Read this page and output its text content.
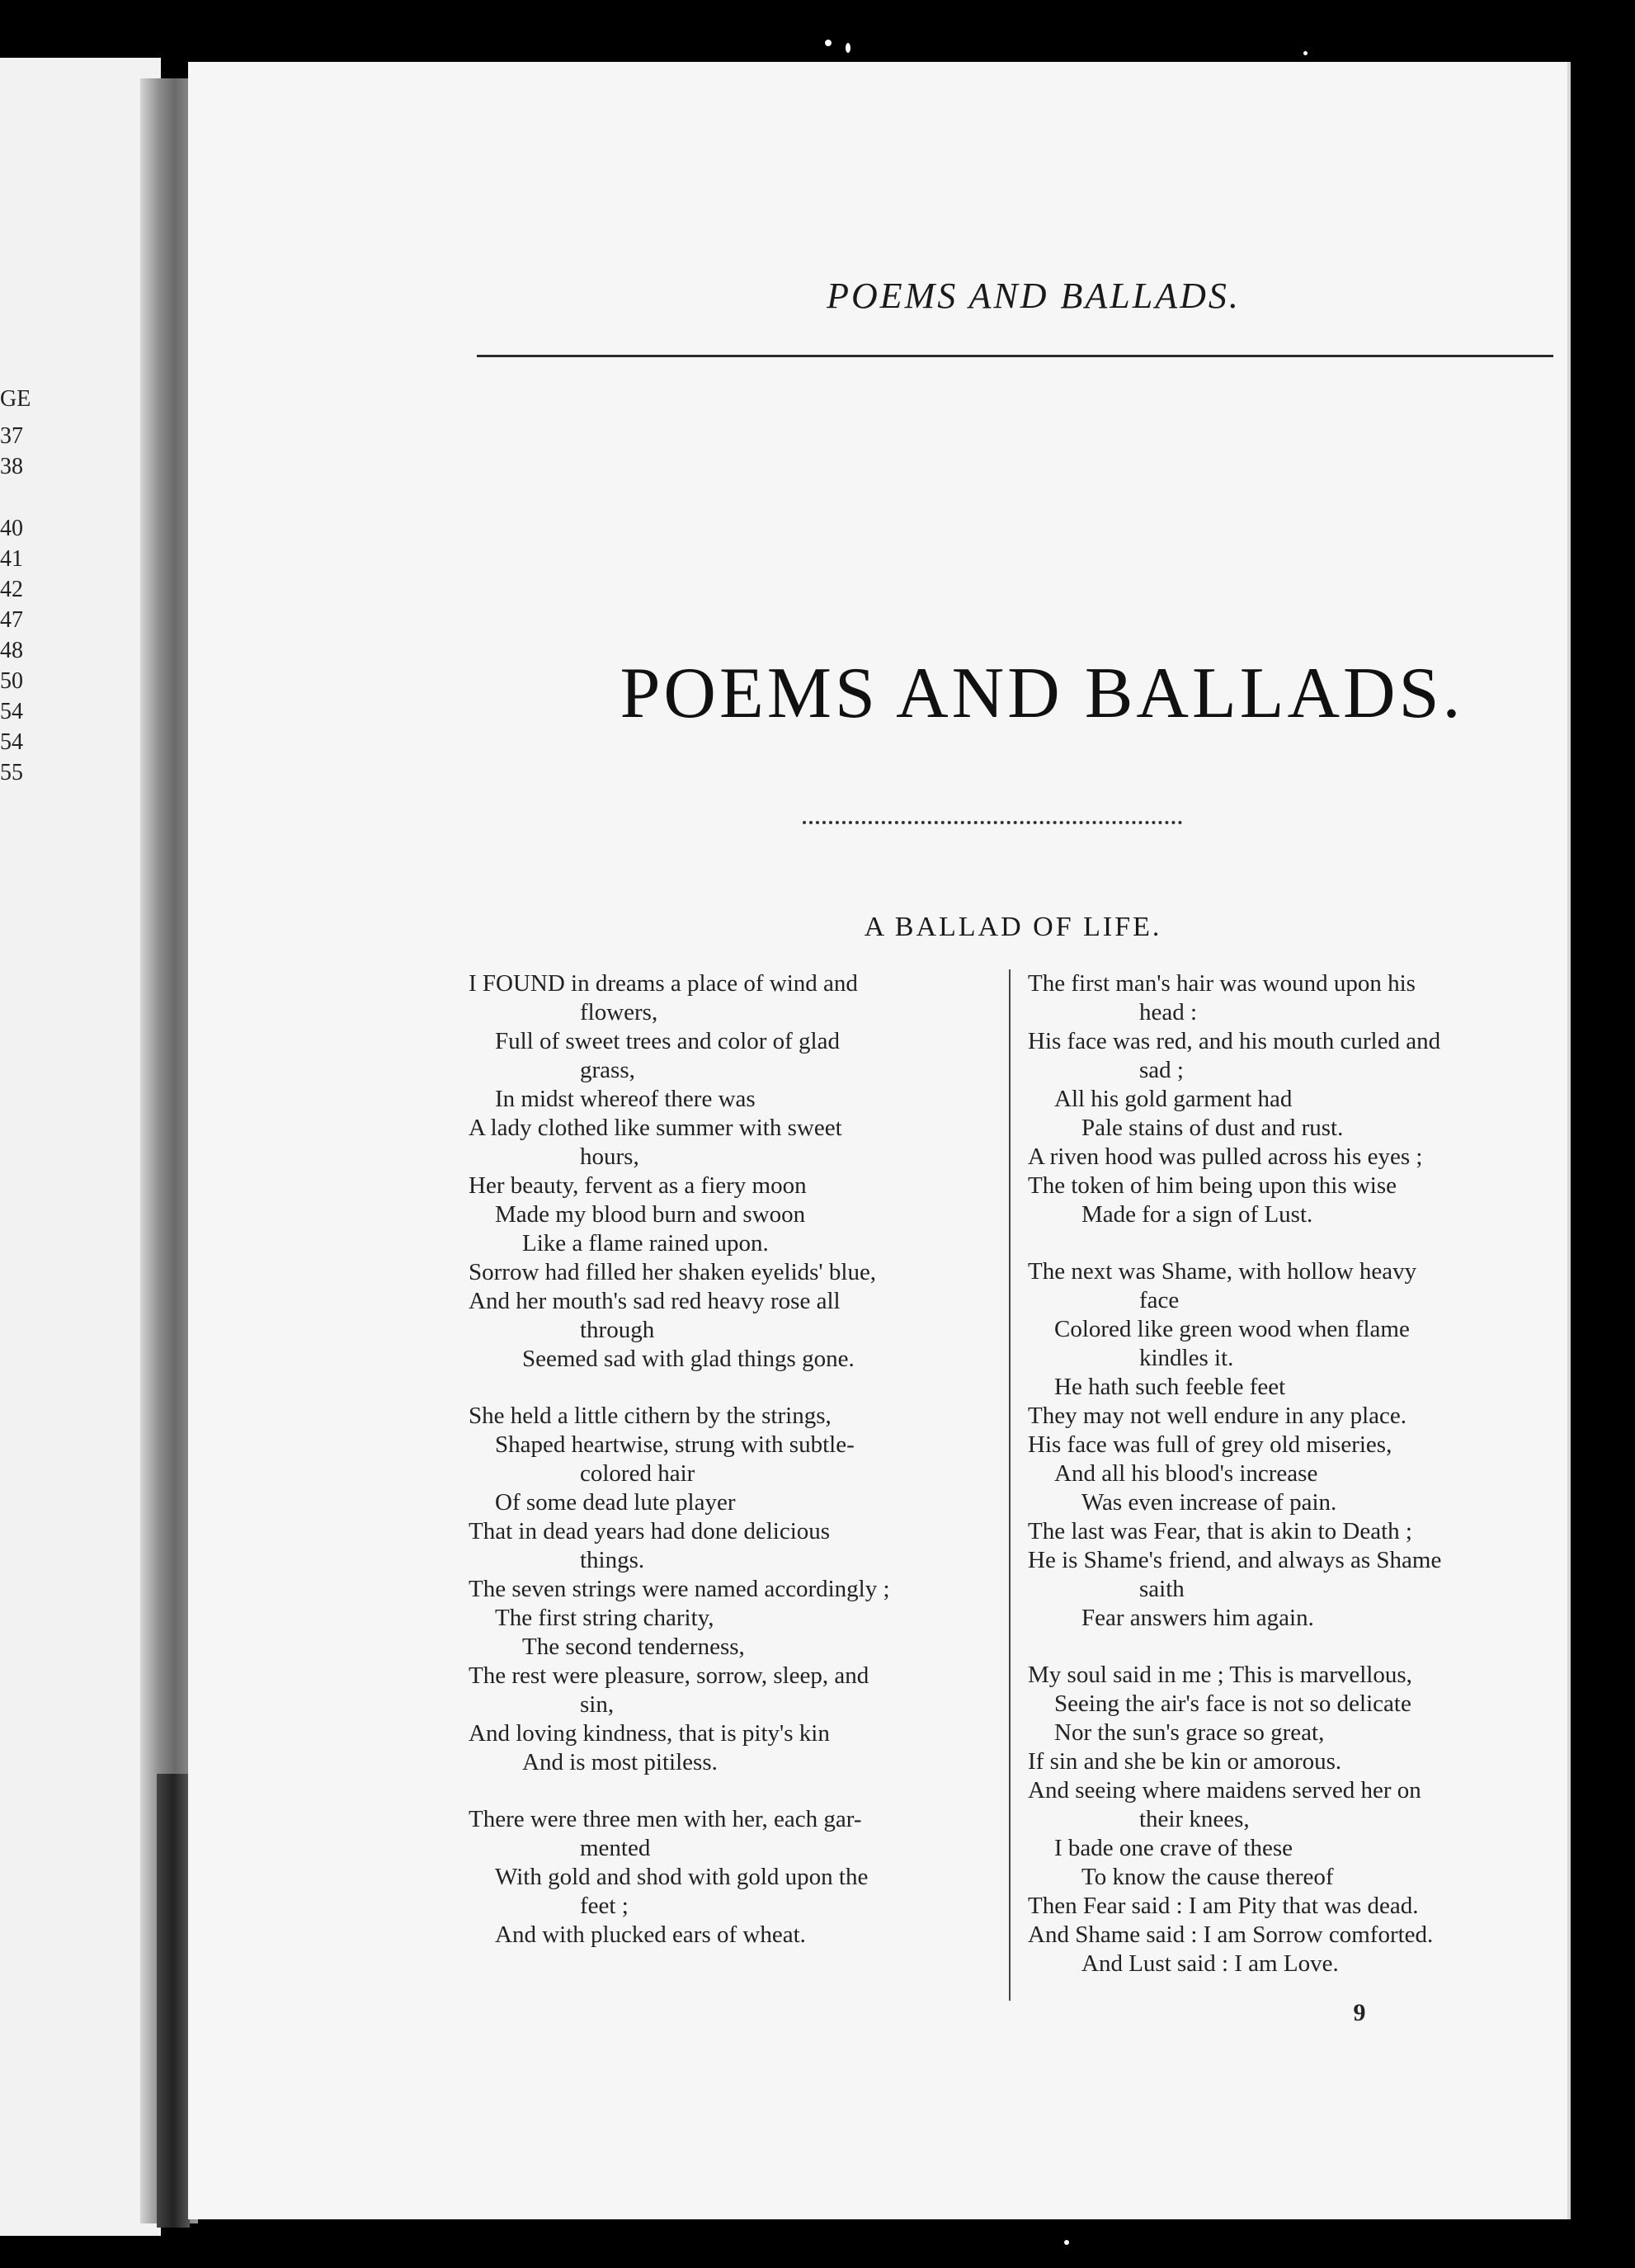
GE
37
38
40
41
42
47
48
50
54
54
55
POEMS AND BALLADS.
POEMS AND BALLADS.
A BALLAD OF LIFE.
I FOUND in dreams a place of wind and
flowers,
Full of sweet trees and color of glad
grass,
In midst whereof there was
A lady clothed like summer with sweet
hours,
Her beauty, fervent as a fiery moon
Made my blood burn and swoon
Like a flame rained upon.
Sorrow had filled her shaken eyelids' blue,
And her mouth's sad red heavy rose all
through
Seemed sad with glad things gone.
She held a little cithern by the strings,
Shaped heartwise, strung with subtle-
colored hair
Of some dead lute player
That in dead years had done delicious
things.
The seven strings were named accordingly ;
The first string charity,
The second tenderness,
The rest were pleasure, sorrow, sleep, and
sin,
And loving kindness, that is pity's kin
And is most pitiless.
There were three men with her, each gar-
mented
With gold and shod with gold upon the
feet ;
And with plucked ears of wheat.
The first man's hair was wound upon his
head :
His face was red, and his mouth curled and
sad ;
All his gold garment had
Pale stains of dust and rust.
A riven hood was pulled across his eyes ;
The token of him being upon this wise
Made for a sign of Lust.
The next was Shame, with hollow heavy
face
Colored like green wood when flame
kindles it.
He hath such feeble feet
They may not well endure in any place.
His face was full of grey old miseries,
And all his blood's increase
Was even increase of pain.
The last was Fear, that is akin to Death ;
He is Shame's friend, and always as Shame
saith
Fear answers him again.
My soul said in me ; This is marvellous,
Seeing the air's face is not so delicate
Nor the sun's grace so great,
If sin and she be kin or amorous.
And seeing where maidens served her on
their knees,
I bade one crave of these
To know the cause thereof
Then Fear said : I am Pity that was dead.
And Shame said : I am Sorrow comforted.
And Lust said : I am Love.
9
